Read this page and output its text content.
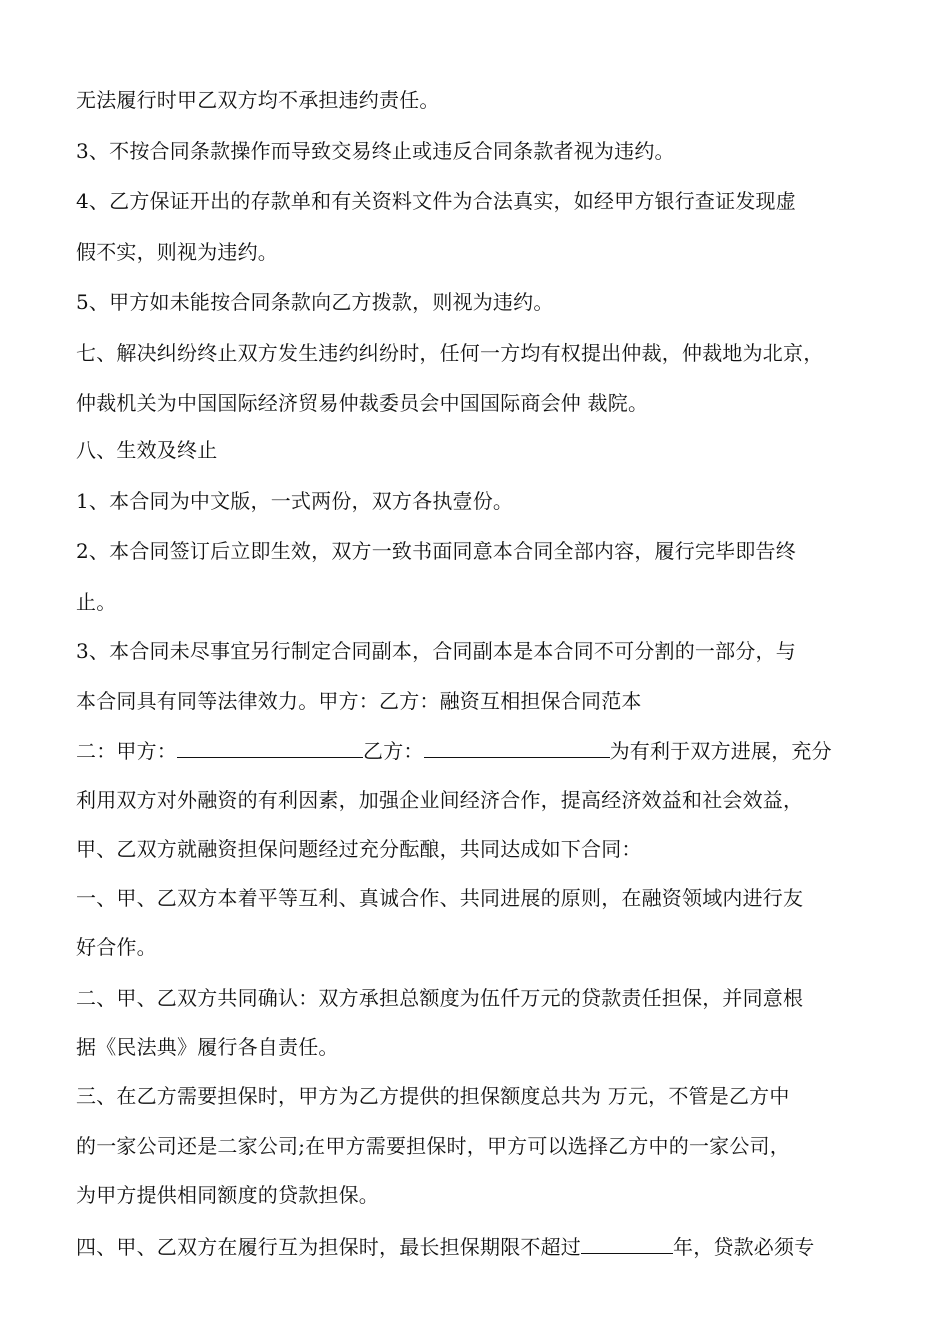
无法履行时甲乙双方均不承担违约责任。
3、不按合同条款操作而导致交易终止或违反合同条款者视为违约。
4、乙方保证开出的存款单和有关资料文件为合法真实，如经甲方银行查证发现虚
假不实，则视为违约。
5、甲方如未能按合同条款向乙方拨款，则视为违约。
七、解决纠纷终止双方发生违约纠纷时，任何一方均有权提出仲裁，仲裁地为北京，
仲裁机关为中国国际经济贸易仲裁委员会中国国际商会仲 裁院。
八、生效及终止
1、本合同为中文版，一式两份，双方各执壹份。
2、本合同签订后立即生效，双方一致书面同意本合同全部内容，履行完毕即告终
止。
3、本合同未尽事宜另行制定合同副本，合同副本是本合同不可分割的一部分，与
本合同具有同等法律效力。甲方：乙方：融资互相担保合同范本
二：甲方：	乙方：	为有利于双方进展，充分
利用双方对外融资的有利因素，加强企业间经济合作，提高经济效益和社会效益，
甲、乙双方就融资担保问题经过充分酝酿，共同达成如下合同：
一、甲、乙双方本着平等互利、真诚合作、共同进展的原则，在融资领域内进行友
好合作。
二、甲、乙双方共同确认：双方承担总额度为伍仟万元的贷款责任担保，并同意根
据《民法典》履行各自责任。
三、在乙方需要担保时，甲方为乙方提供的担保额度总共为 万元，不管是乙方中
的一家公司还是二家公司;在甲方需要担保时，甲方可以选择乙方中的一家公司，
为甲方提供相同额度的贷款担保。
四、甲、乙双方在履行互为担保时，最长担保期限不超过	年，贷款必须专
